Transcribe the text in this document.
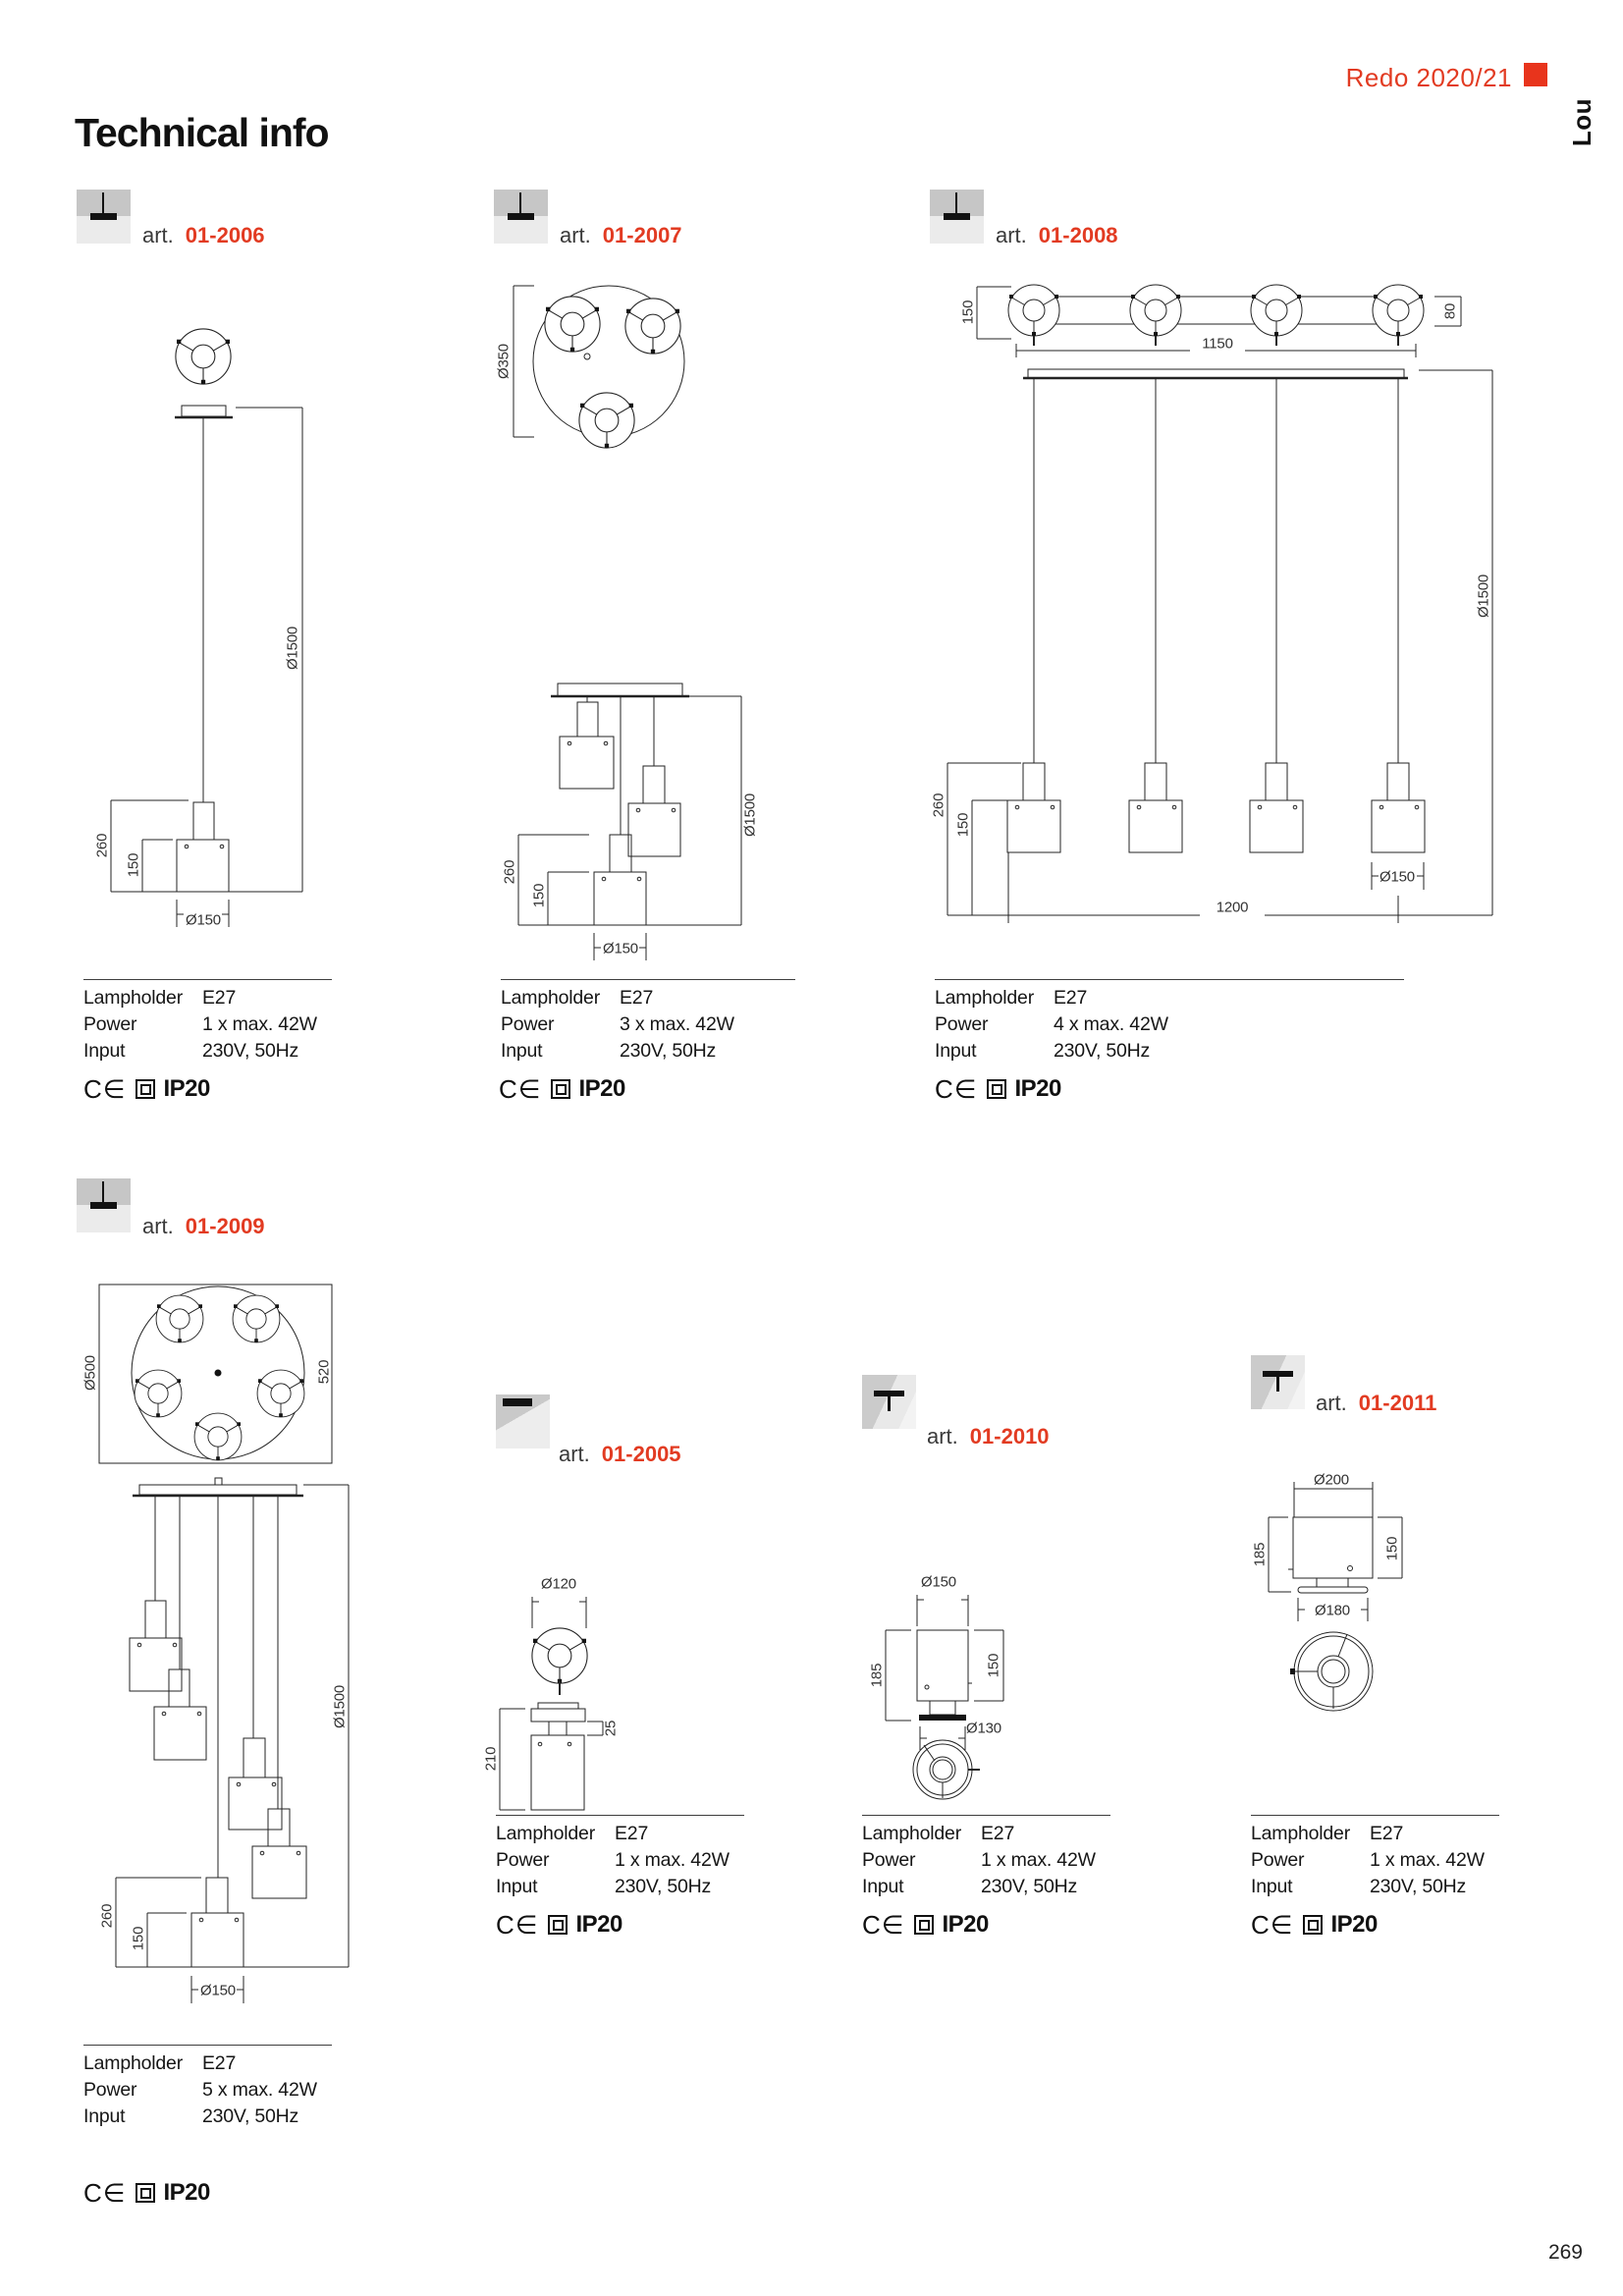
Technical info
Redo 2020/21
Lou
269
art. 01-2006	art. 01-2007	art. 01-2008
art. 01-2009
art. 01-2005
art. 01-2010
art. 01-2011
260
150
Ø1500
Ø150
Ø350
260
150
Ø1500
Ø150
150
1150
80
260
150
Ø150
1200
Ø1500
Ø500	520
260
150
Ø1500
Ø150
Ø120
210
25
Ø150
185	150
Ø130
Ø200
185	150
Ø180
Lampholder E27
Power	1 x max. 42W
Input	230V, 50Hz
Lampholder E27
Power	3 x max. 42W
Input	230V, 50Hz
Lampholder E27
Power	4 x max. 42W
Input	230V, 50Hz
Lampholder E27
Power	5 x max. 42W
Input	230V, 50Hz
Lampholder E27
Power	1 x max. 42W
Input	230V, 50Hz
Lampholder E27
Power	1 x max. 42W
Input	230V, 50Hz
Lampholder E27
Power	1 x max. 42W
Input	230V, 50Hz
C∈ IP20	C∈ IP20	C∈ IP20
C∈ IP20
C∈ IP20	C∈ IP20	C∈ IP20
